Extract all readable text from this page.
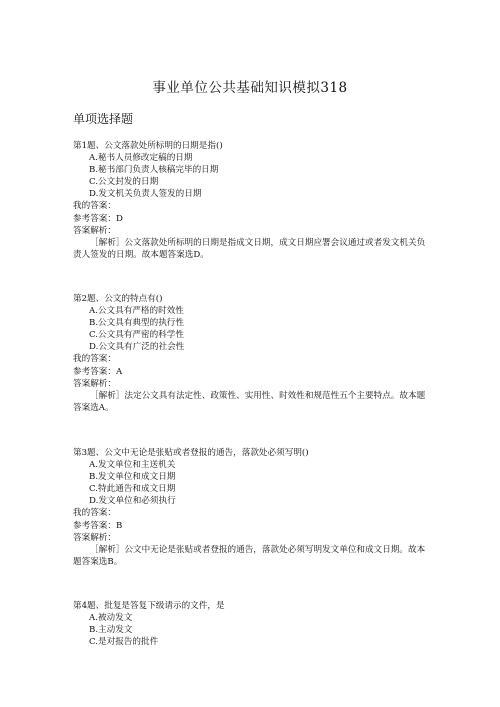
事业单位公共基础知识模拟318
单项选择题
第1题、公文落款处所标明的日期是指()
A.秘书人员修改定稿的日期
B.秘书部门负责人核稿完毕的日期
C.公文封发的日期
D.发文机关负责人签发的日期
我的答案：
参考答案：D
答案解析：
［解析］公文落款处所标明的日期是指成文日期，成文日期应署会议通过或者发文机关负责人签发的日期。故本题答案选D。
第2题、公文的特点有()
A.公文具有严格的时效性
B.公文具有典型的执行性
C.公文具有严密的科学性
D.公文具有广泛的社会性
我的答案：
参考答案：A
答案解析：
［解析］法定公文具有法定性、政策性、实用性、时效性和规范性五个主要特点。故本题答案选A。
第3题、公文中无论是张贴或者登报的通告，落款处必须写明()
A.发文单位和主送机关
B.发文单位和成文日期
C.特此通告和成文日期
D.发文单位和必须执行
我的答案：
参考答案：B
答案解析：
［解析］公文中无论是张贴或者登报的通告，落款处必须写明发文单位和成文日期。故本题答案选B。
第4题、批复是答复下级请示的文件，是
A.被动发文
B.主动发文
C.是对报告的批件
